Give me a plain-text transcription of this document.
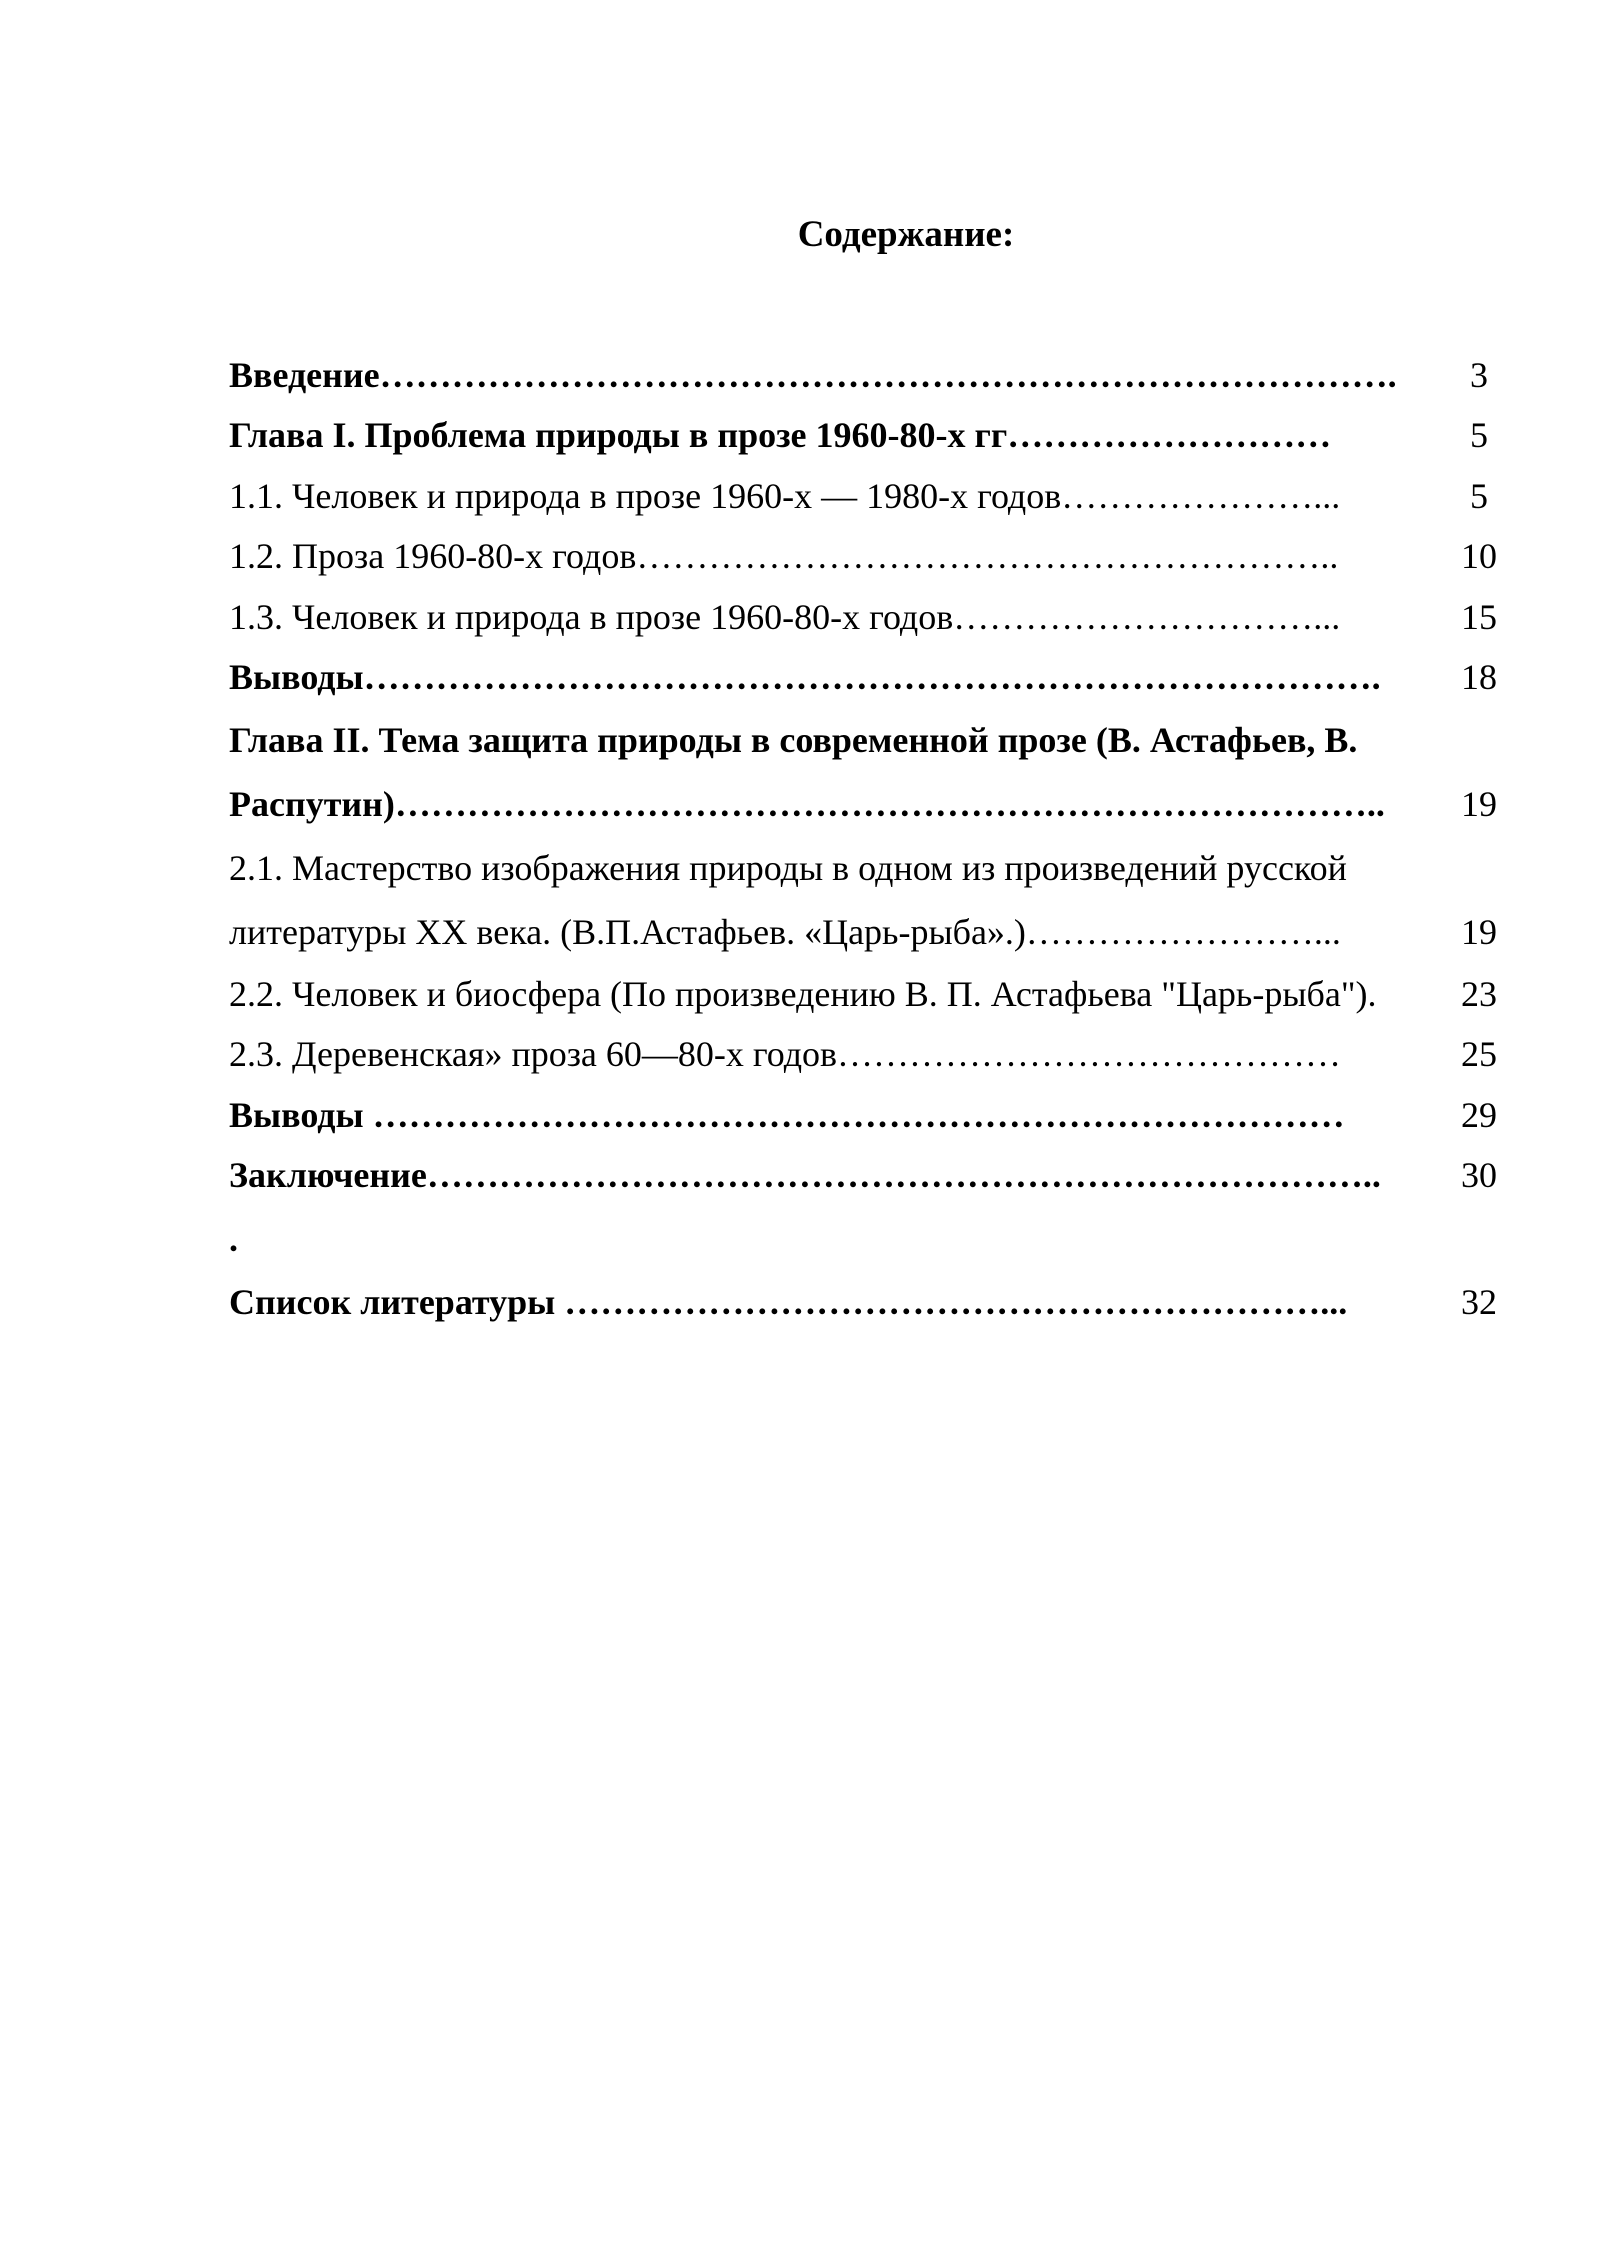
Содержание:
Введение………………………………………………………………………….	3
Глава I. Проблема природы в прозе 1960-80-х гг………………………	5
1.1. Человек и природа в прозе 1960-х — 1980-х годов…………………...	5
1.2. Проза 1960-80-х годов…………………………………………………..	10
1.3. Человек и природа в прозе 1960-80-х годов…………………………...	15
Выводы………………………………………………………………………….	18
Глава II. Тема защита природы в современной прозе (В. Астафьев, В.
Распутин)………………………………………………………………………..	19
2.1. Мастерство изображения природы в одном из произведений русской
литературы ХХ века. (В.П.Астафьев. «Царь-рыба».)……………………...	19
2.2. Человек и биосфера (По произведению В. П. Астафьева "Царь-рыба").	23
2.3. Деревенская» проза 60—80-х годов……………………………………	25
Выводы ………………………………………………………………………	29
Заключение……………………………………………………………………..	30
.
Список литературы ………………………………………………………...	32
